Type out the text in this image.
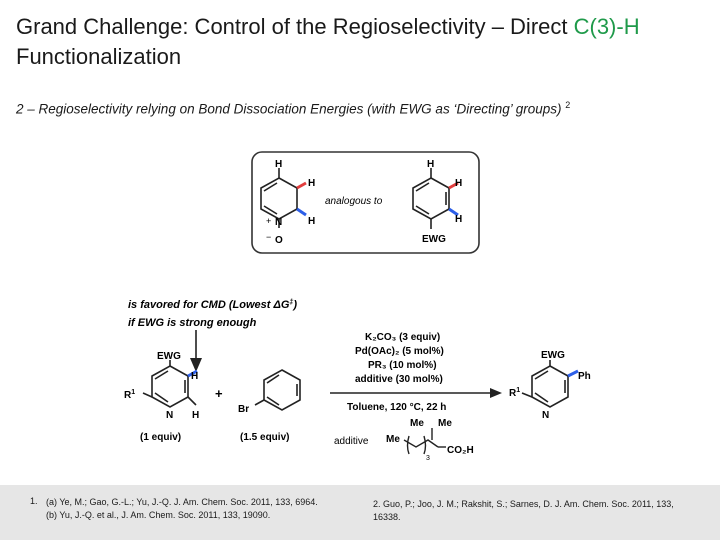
Grand Challenge: Control of the Regioselectivity – Direct C(3)-H
Functionalization
2 – Regioselectivity relying on Bond Dissociation Energies (with EWG as ‘Directing’ groups) $^2$
H
H
H
N
O
+
−
analogous to
H
H
H
EWG
is favored for CMD (Lowest ΔG‡)
if EWG is strong enough
EWG
$R^1$
N
H
H
(1 equiv)
+
Br
(1.5 equiv)
K₂CO₃ (3 equiv)
Pd(OAc)₂ (5 mol%)
PR₃ (10 mol%)
additive (30 mol%)
Toluene, 120 °C, 22 h
additive Me
Me Me
CO₂H
3
EWG
Ph
$R^1$
N
1. (a) Ye, M.; Gao, G.-L.; Yu, J.-Q. J. Am. Chem. Soc. 2011, 133, 6964.
(b) Yu, J.-Q. et al., J. Am. Chem. Soc. 2011, 133, 19090.
2. Guo, P.; Joo, J. M.; Rakshit, S.; Sarnes, D. J. Am. Chem. Soc. 2011, 133, 16338.
